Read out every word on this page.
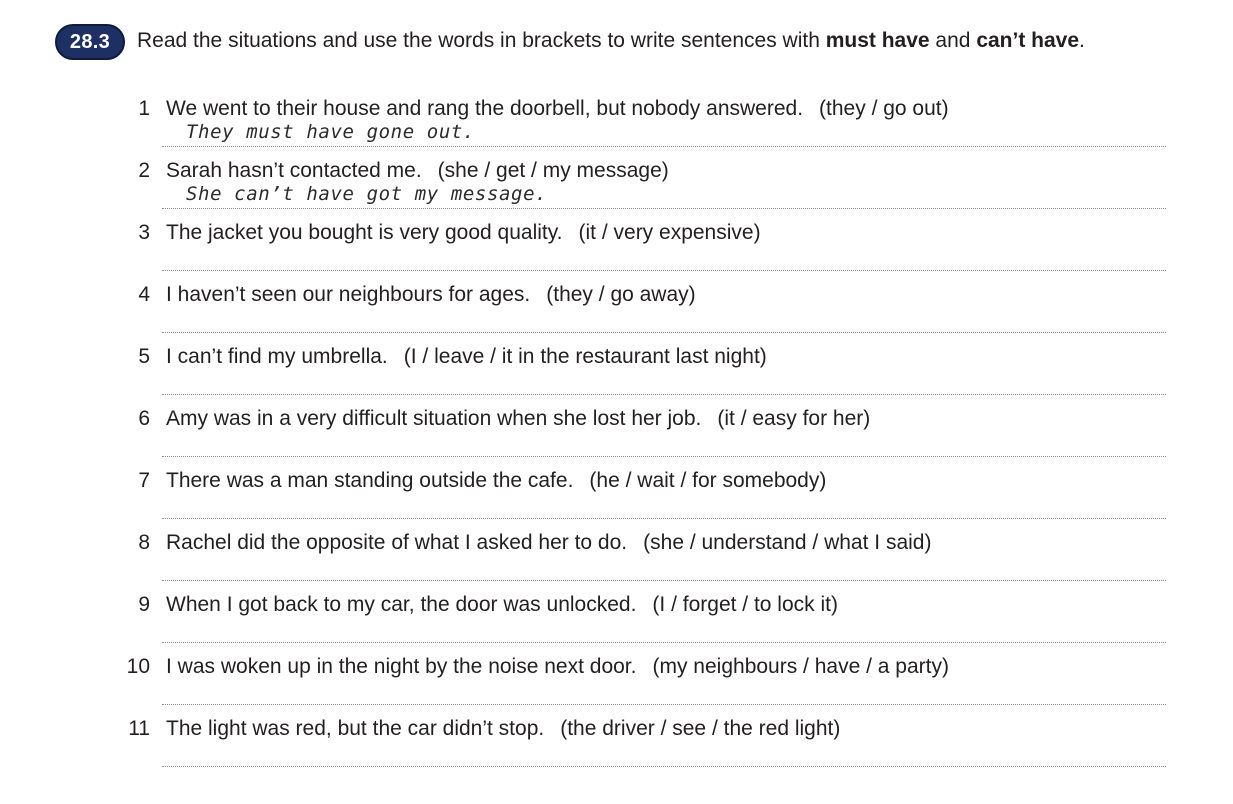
28.3 Read the situations and use the words in brackets to write sentences with must have and can’t have.
1 We went to their house and rang the doorbell, but nobody answered. (they / go out)
They must have gone out.
2 Sarah hasn’t contacted me. (she / get / my message)
She can’t have got my message.
3 The jacket you bought is very good quality. (it / very expensive)
4 I haven’t seen our neighbours for ages. (they / go away)
5 I can’t find my umbrella. (I / leave / it in the restaurant last night)
6 Amy was in a very difficult situation when she lost her job. (it / easy for her)
7 There was a man standing outside the cafe. (he / wait / for somebody)
8 Rachel did the opposite of what I asked her to do. (she / understand / what I said)
9 When I got back to my car, the door was unlocked. (I / forget / to lock it)
10 I was woken up in the night by the noise next door. (my neighbours / have / a party)
11 The light was red, but the car didn’t stop. (the driver / see / the red light)
